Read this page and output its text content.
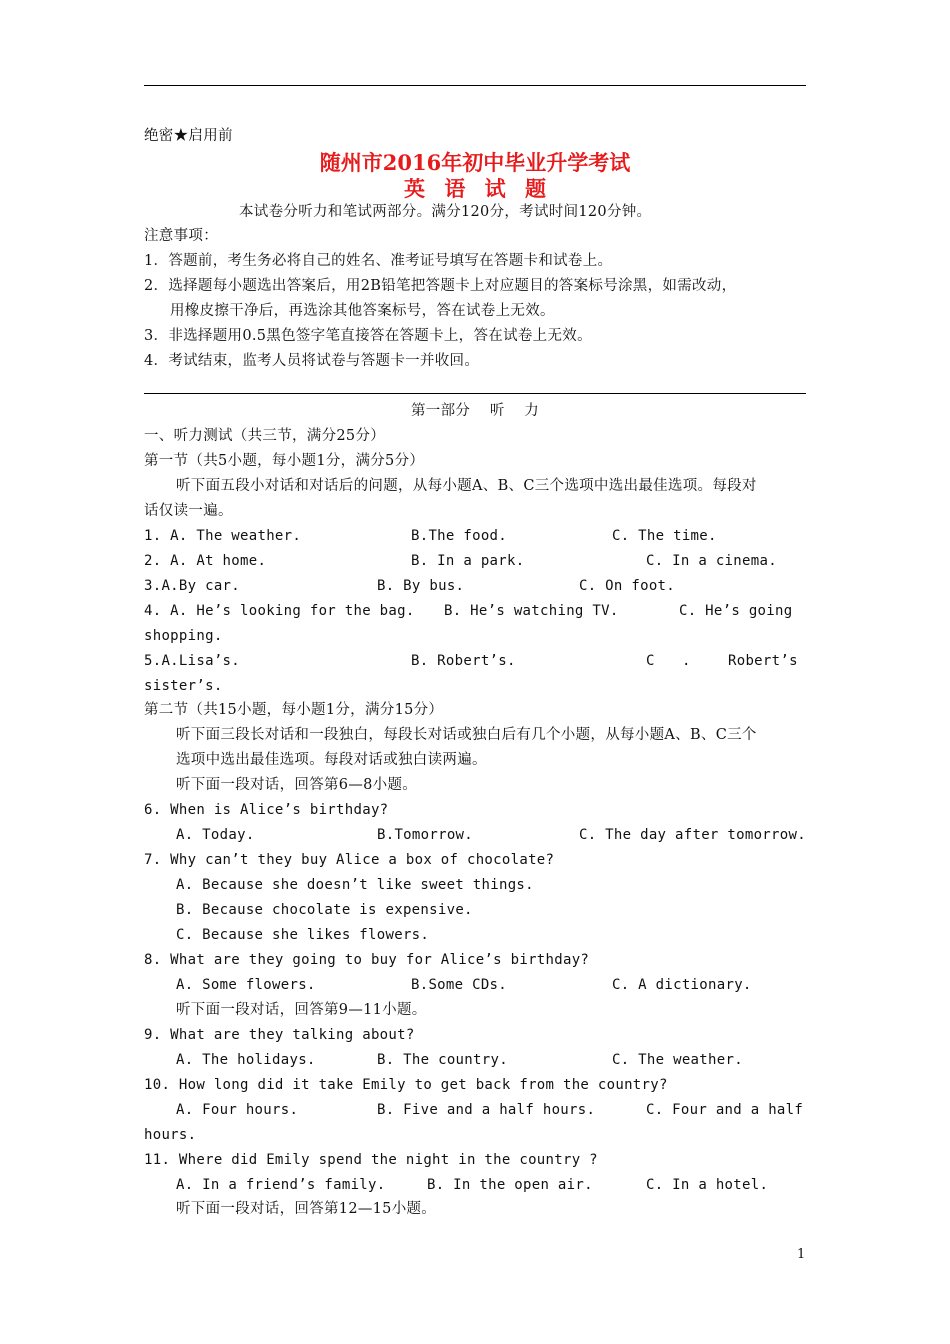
绝密★启用前
随州市2016年初中毕业升学考试
英 语 试 题
本试卷分听力和笔试两部分。满分120分，考试时间120分钟。
注意事项：
1．答题前，考生务必将自己的姓名、准考证号填写在答题卡和试卷上。
2．选择题每小题选出答案后，用2B铅笔把答题卡上对应题目的答案标号涂黑，如需改动，
用橡皮擦干净后，再选涂其他答案标号，答在试卷上无效。
3．非选择题用0.5黑色签字笔直接答在答题卡上，答在试卷上无效。
4．考试结束，监考人员将试卷与答题卡一并收回。
第一部分    听    力
一、听力测试（共三节，满分25分）
第一节（共5小题，每小题1分，满分5分）
听下面五段小对话和对话后的问题，从每小题A、B、C三个选项中选出最佳选项。每段对
话仅读一遍。
1. A. The weather.	B.The food.	C. The time.
2. A. At home.	B. In a park.	C. In a cinema.
3.A.By car.	B. By bus.	C. On foot.
4. A. He’s looking for the bag. B. He’s watching TV.	C. He’s going
shopping.
5.A.Lisa’s.	B. Robert’s.	C .	Robert’s
sister’s.
第二节（共15小题，每小题1分，满分15分）
听下面三段长对话和一段独白，每段长对话或独白后有几个小题，从每小题A、B、C三个
选项中选出最佳选项。每段对话或独白读两遍。
听下面一段对话，回答第6—8小题。
6. When is Alice’s birthday?
A. Today.	B.Tomorrow.	C. The day after tomorrow.
7. Why can’t they buy Alice a box of chocolate?
A. Because she doesn’t like sweet things.
B. Because chocolate is expensive.
C. Because she likes flowers.
8. What are they going to buy for Alice’s birthday?
A. Some flowers.	B.Some CDs.	C. A dictionary.
听下面一段对话，回答第9—11小题。
9. What are they talking about?
A. The holidays.	B. The country.	C. The weather.
10. How long did it take Emily to get back from the country?
A. Four hours.	B. Five and a half hours.	C. Four and a half
hours.
11. Where did Emily spend the night in the country ?
A. In a friend’s family.	B. In the open air.	C. In a hotel.
听下面一段对话，回答第12—15小题。
1
